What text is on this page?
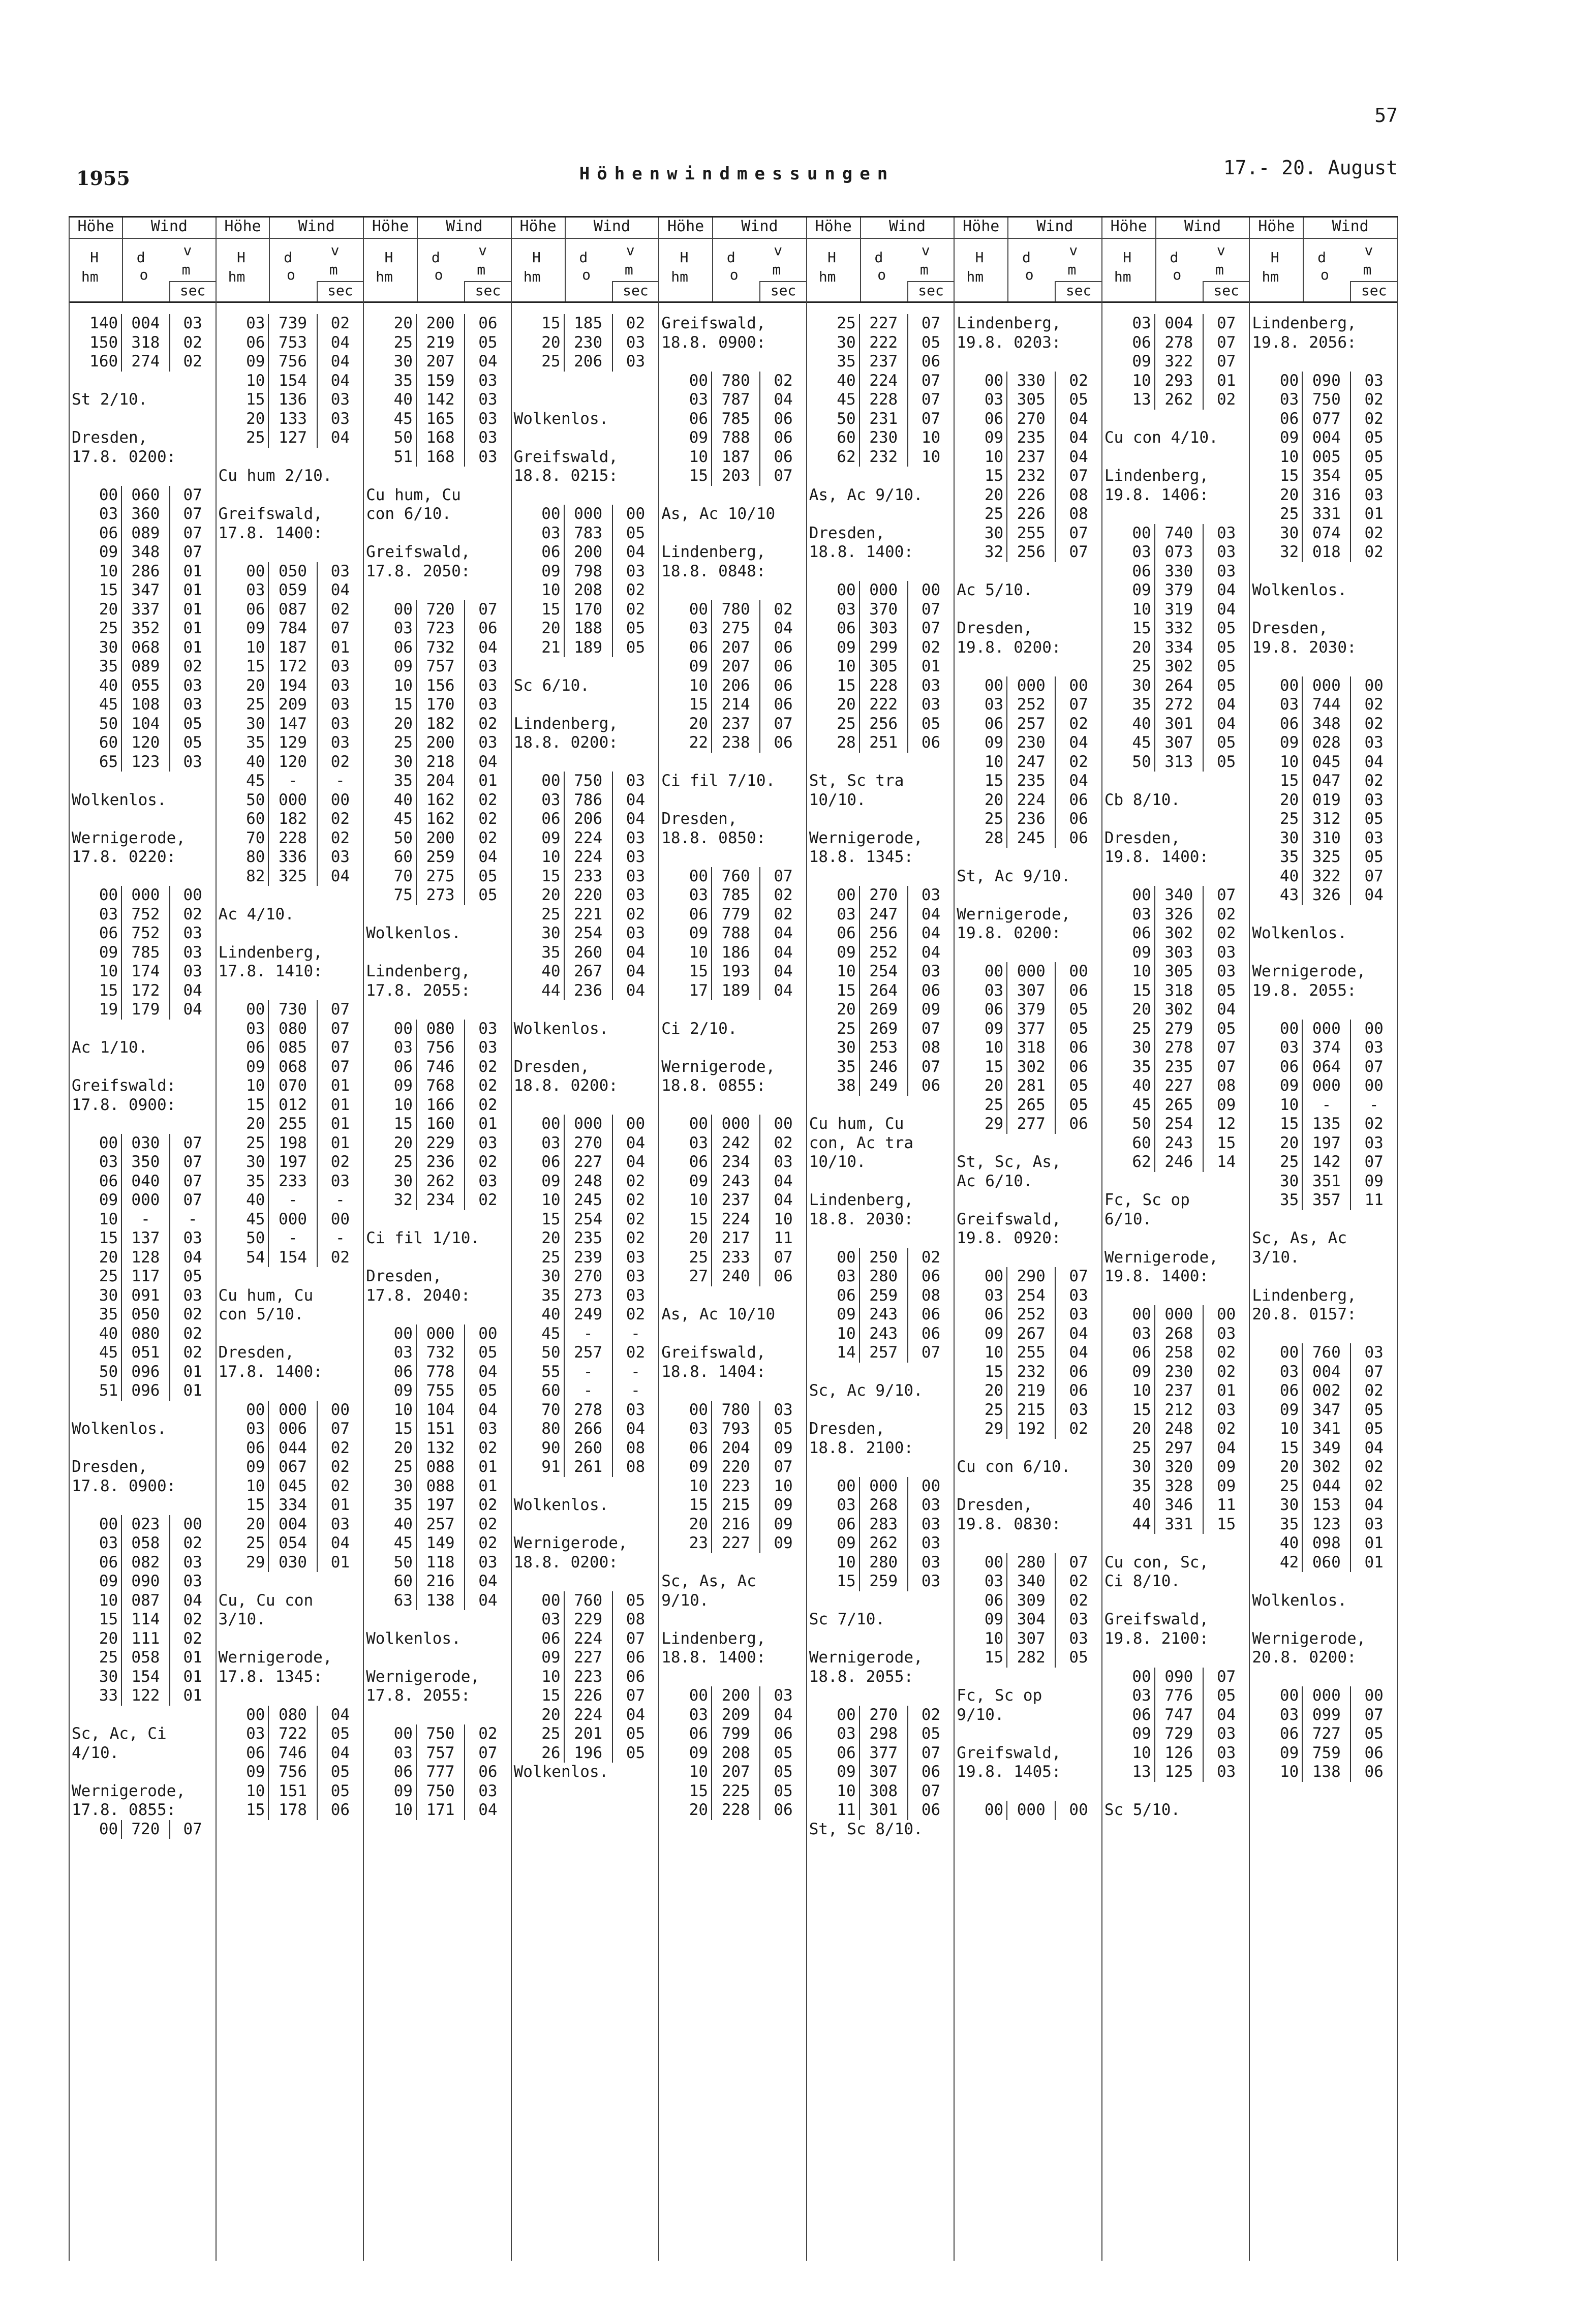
57
1955	Höhenwindmessungen	17.- 20. August
Höhe	Wind
H
hm
d
o
v
m
sec
140 004	03
150 318	02
160 274	02
St 2/10.
Dresden,
17.8. 0200:
00 060	07
03 360	07
06 089	07
09 348	07
10 286	01
15 347	01
20 337	01
25 352	01
30 068	01
35 089	02
40 055	03
45 108	03
50 104	05
60 120	05
65 123	03
Wolkenlos.
Wernigerode,
17.8. 0220:
00 000	00
03 752	02
06 752	03
09 785	03
10 174	03
15 172	04
19 179	04
Ac 1/10.
Greifswald:
17.8. 0900:
00 030	07
03 350	07
06 040	07
09 000	07
10	-	-
15 137	03
20 128	04
25 117	05
30 091	03
35 050	02
40 080	02
45 051	02
50 096	01
51 096	01
Wolkenlos.
Dresden,
17.8. 0900:
00 023	00
03 058	02
06 082	03
09 090	03
10 087	04
15 114	02
20 111	02
25 058	01
30 154	01
33 122	01
Sc, Ac, Ci
4/10.
Wernigerode,
17.8. 0855:
00 720	07
Höhe	Wind
H
hm
d
o
v
m
sec
03 739	02
06 753	04
09 756	04
10 154	04
15 136	03
20 133	03
25 127	04
Cu hum 2/10.
Greifswald,
17.8. 1400:
00 050	03
03 059	04
06 087	02
09 784	07
10 187	01
15 172	03
20 194	03
25 209	03
30 147	03
35 129	03
40 120	02
45	-	-
50 000	00
60 182	02
70 228	02
80 336	03
82 325	04
Ac 4/10.
Lindenberg,
17.8. 1410:
00 730	07
03 080	07
06 085	07
09 068	07
10 070	01
15 012	01
20 255	01
25 198	01
30 197	02
35 233	03
40	-	-
45 000	00
50	-	-
54 154	02
Cu hum, Cu
con 5/10.
Dresden,
17.8. 1400:
00 000	00
03 006	07
06 044	02
09 067	02
10 045	02
15 334	01
20 004	03
25 054	04
29 030	01
Cu, Cu con
3/10.
Wernigerode,
17.8. 1345:
00 080	04
03 722	05
06 746	04
09 756	05
10 151	05
15 178	06
Höhe	Wind
H
hm
d
o
v
m
sec
20 200	06
25 219	05
30 207	04
35 159	03
40 142	03
45 165	03
50 168	03
51 168	03
Cu hum, Cu
con 6/10.
Greifswald,
17.8. 2050:
00 720	07
03 723	06
06 732	04
09 757	03
10 156	03
15 170	03
20 182	02
25 200	03
30 218	04
35 204	01
40 162	02
45 162	02
50 200	02
60 259	04
70 275	05
75 273	05
Wolkenlos.
Lindenberg,
17.8. 2055:
00 080	03
03 756	03
06 746	02
09 768	02
10 166	02
15 160	01
20 229	03
25 236	02
30 262	03
32 234	02
Ci fil 1/10.
Dresden,
17.8. 2040:
00 000	00
03 732	05
06 778	04
09 755	05
10 104	04
15 151	03
20 132	02
25 088	01
30 088	01
35 197	02
40 257	02
45 149	02
50 118	03
60 216	04
63 138	04
Wolkenlos.
Wernigerode,
17.8. 2055:
00 750	02
03 757	07
06 777	06
09 750	03
10 171	04
Höhe	Wind
H
hm
d
o
v
m
sec
15 185	02
20 230	03
25 206	03
Wolkenlos.
Greifswald,
18.8. 0215:
00 000	00
03 783	05
06 200	04
09 798	03
10 208	02
15 170	02
20 188	05
21 189	05
Sc 6/10.
Lindenberg,
18.8. 0200:
00 750	03
03 786	04
06 206	04
09 224	03
10 224	03
15 233	03
20 220	03
25 221	02
30 254	03
35 260	04
40 267	04
44 236	04
Wolkenlos.
Dresden,
18.8. 0200:
00 000	00
03 270	04
06 227	04
09 248	02
10 245	02
15 254	02
20 235	02
25 239	03
30 270	03
35 273	03
40 249	02
45	-	-
50 257	02
55	-	-
60	-	-
70 278	03
80 266	04
90 260	08
91 261	08
Wolkenlos.
Wernigerode,
18.8. 0200:
00 760	05
03 229	08
06 224	07
09 227	06
10 223	06
15 226	07
20 224	04
25 201	05
26 196	05
Wolkenlos.
Höhe	Wind
H
hm
d
o
v
m
sec
Greifswald,
18.8. 0900:
00 780	02
03 787	04
06 785	06
09 788	06
10 187	06
15 203	07
As, Ac 10/10
Lindenberg,
18.8. 0848:
00 780	02
03 275	04
06 207	06
09 207	06
10 206	06
15 214	06
20 237	07
22 238	06
Ci fil 7/10.
Dresden,
18.8. 0850:
00 760	07
03 785	02
06 779	02
09 788	04
10 186	04
15 193	04
17 189	04
Ci 2/10.
Wernigerode,
18.8. 0855:
00 000	00
03 242	02
06 234	03
09 243	04
10 237	04
15 224	10
20 217	11
25 233	07
27 240	06
As, Ac 10/10
Greifswald,
18.8. 1404:
00 780	03
03 793	05
06 204	09
09 220	07
10 223	10
15 215	09
20 216	09
23 227	09
Sc, As, Ac
9/10.
Lindenberg,
18.8. 1400:
00 200	03
03 209	04
06 799	06
09 208	05
10 207	05
15 225	05
20 228	06
Höhe	Wind
H
hm
d
o
v
m
sec
25 227	07
30 222	05
35 237	06
40 224	07
45 228	07
50 231	07
60 230	10
62 232	10
As, Ac 9/10.
Dresden,
18.8. 1400:
00 000	00
03 370	07
06 303	07
09 299	02
10 305	01
15 228	03
20 222	03
25 256	05
28 251	06
St, Sc tra
10/10.
Wernigerode,
18.8. 1345:
00 270	03
03 247	04
06 256	04
09 252	04
10 254	03
15 264	06
20 269	09
25 269	07
30 253	08
35 246	07
38 249	06
Cu hum, Cu
con, Ac tra
10/10.
Lindenberg,
18.8. 2030:
00 250	02
03 280	06
06 259	08
09 243	06
10 243	06
14 257	07
Sc, Ac 9/10.
Dresden,
18.8. 2100:
00 000	00
03 268	03
06 283	03
09 262	03
10 280	03
15 259	03
Sc 7/10.
Wernigerode,
18.8. 2055:
00 270	02
03 298	05
06 377	07
09 307	06
10 308	07
11 301	06
St, Sc 8/10.
Höhe	Wind
H
hm
d
o
v
m
sec
Lindenberg,
19.8. 0203:
00 330	02
03 305	05
06 270	04
09 235	04
10 237	04
15 232	07
20 226	08
25 226	08
30 255	07
32 256	07
Ac 5/10.
Dresden,
19.8. 0200:
00 000	00
03 252	07
06 257	02
09 230	04
10 247	02
15 235	04
20 224	06
25 236	06
28 245	06
St, Ac 9/10.
Wernigerode,
19.8. 0200:
00 000	00
03 307	06
06 379	05
09 377	05
10 318	06
15 302	06
20 281	05
25 265	05
29 277	06
St, Sc, As,
Ac 6/10.
Greifswald,
19.8. 0920:
00 290	07
03 254	03
06 252	03
09 267	04
10 255	04
15 232	06
20 219	06
25 215	03
29 192	02
Cu con 6/10.
Dresden,
19.8. 0830:
00 280	07
03 340	02
06 309	02
09 304	03
10 307	03
15 282	05
Fc, Sc op
9/10.
Greifswald,
19.8. 1405:
00 000	00
Höhe	Wind
H
hm
d
o
v
m
sec
03 004	07
06 278	07
09 322	07
10 293	01
13 262	02
Cu con 4/10.
Lindenberg,
19.8. 1406:
00 740	03
03 073	03
06 330	03
09 379	04
10 319	04
15 332	05
20 334	05
25 302	05
30 264	05
35 272	04
40 301	04
45 307	05
50 313	05
Cb 8/10.
Dresden,
19.8. 1400:
00 340	07
03 326	02
06 302	02
09 303	03
10 305	03
15 318	05
20 302	04
25 279	05
30 278	07
35 235	07
40 227	08
45 265	09
50 254	12
60 243	15
62 246	14
Fc, Sc op
6/10.
Wernigerode,
19.8. 1400:
00 000	00
03 268	03
06 258	02
09 230	02
10 237	01
15 212	03
20 248	02
25 297	04
30 320	09
35 328	09
40 346	11
44 331	15
Cu con, Sc,
Ci 8/10.
Greifswald,
19.8. 2100:
00 090	07
03 776	05
06 747	04
09 729	03
10 126	03
13 125	03
Sc 5/10.
Höhe	Wind
H
hm
d
o
v
m
sec
Lindenberg,
19.8. 2056:
00 090	03
03 750	02
06 077	02
09 004	05
10 005	05
15 354	05
20 316	03
25 331	01
30 074	02
32 018	02
Wolkenlos.
Dresden,
19.8. 2030:
00 000	00
03 744	02
06 348	02
09 028	03
10 045	04
15 047	02
20 019	03
25 312	05
30 310	03
35 325	05
40 322	07
43 326	04
Wolkenlos.
Wernigerode,
19.8. 2055:
00 000	00
03 374	03
06 064	07
09 000	00
10	-	-
15 135	02
20 197	03
25 142	07
30 351	09
35 357	11
Sc, As, Ac
3/10.
Lindenberg,
20.8. 0157:
00 760	03
03 004	07
06 002	02
09 347	05
10 341	05
15 349	04
20 302	02
25 044	02
30 153	04
35 123	03
40 098	01
42 060	01
Wolkenlos.
Wernigerode,
20.8. 0200:
00 000	00
03 099	07
06 727	05
09 759	06
10 138	06
